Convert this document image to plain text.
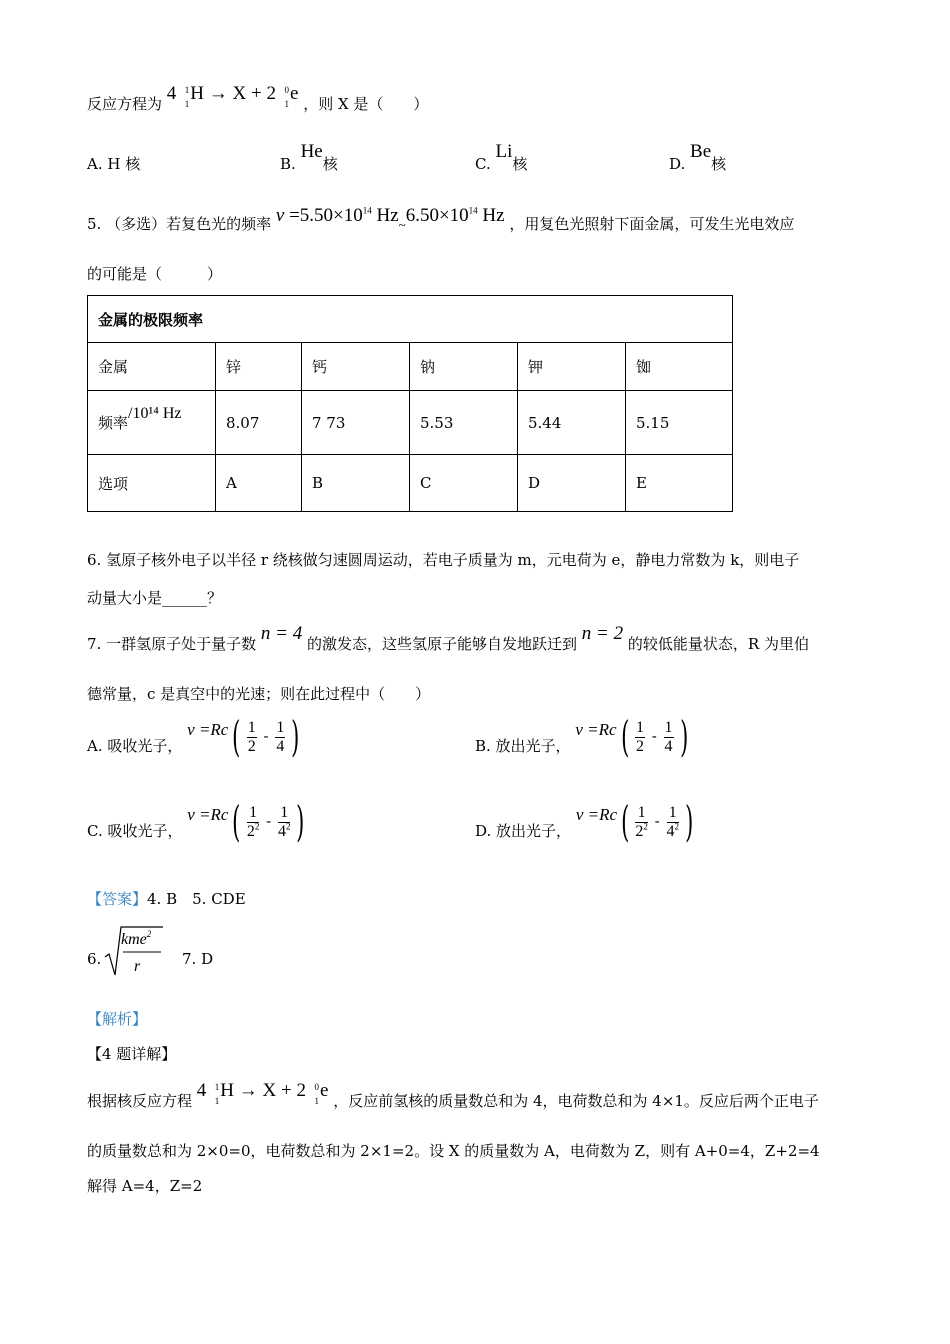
反应方程为 4 1
1 H → X + 2 0
1 e ，则 X 是（　　）
A. H 核	B. He核	C. Li核	D. Be核
5. （多选）若复色光的频率 $\nu =5.50\times 10^{14}$ $Hz_\sim 6.50\times 10^{14}$ Hz ，用复色光照射下面金属，可发生光电效应
的可能是（　　　）
金属的极限频率					
金属	锌	钙	钠	钾	铷
频率/10¹⁴ Hz	8.07	7 73	5.53	5.44	5.15
选项	A	B	C	D	E
6. 氢原子核外电子以半径 r 绕核做匀速圆周运动，若电子质量为 m，元电荷为 e，静电力常数为 k，则电子
动量大小是______？
7. 一群氢原子处于量子数 n = 4 的激发态，这些氢原子能够自发地跃迁到 n = 2 的较低能量状态，R 为里伯
德常量，c 是真空中的光速；则在此过程中（　　）
A. 吸收光子， $\nu =Rc( \frac{1}{2} - \frac{1}{4}$ )	B. 放出光子， $\nu =Rc( \frac{1}{2} - \frac{1}{4}$ )
C. 吸收光子， $\nu =Rc( \frac{1}{2^2} - \frac{1}{4^2}$ )	D. 放出光子， $\nu =Rc( \frac{1}{2^2} - \frac{1}{4^2}$ )
【答案】4. B　5. CDE
6.
kme$^2$
r	7. D
【解析】
【4 题详解】
根据核反应方程 4 1
1 H → X + 2 0
1 e ，反应前氢核的质量数总和为 4，电荷数总和为 4×1。反应后两个正电子
的质量数总和为 2×0=0，电荷数总和为 2×1=2。设 X 的质量数为 A，电荷数为 Z，则有 A+0=4，Z+2=4
解得 A=4，Z=2
